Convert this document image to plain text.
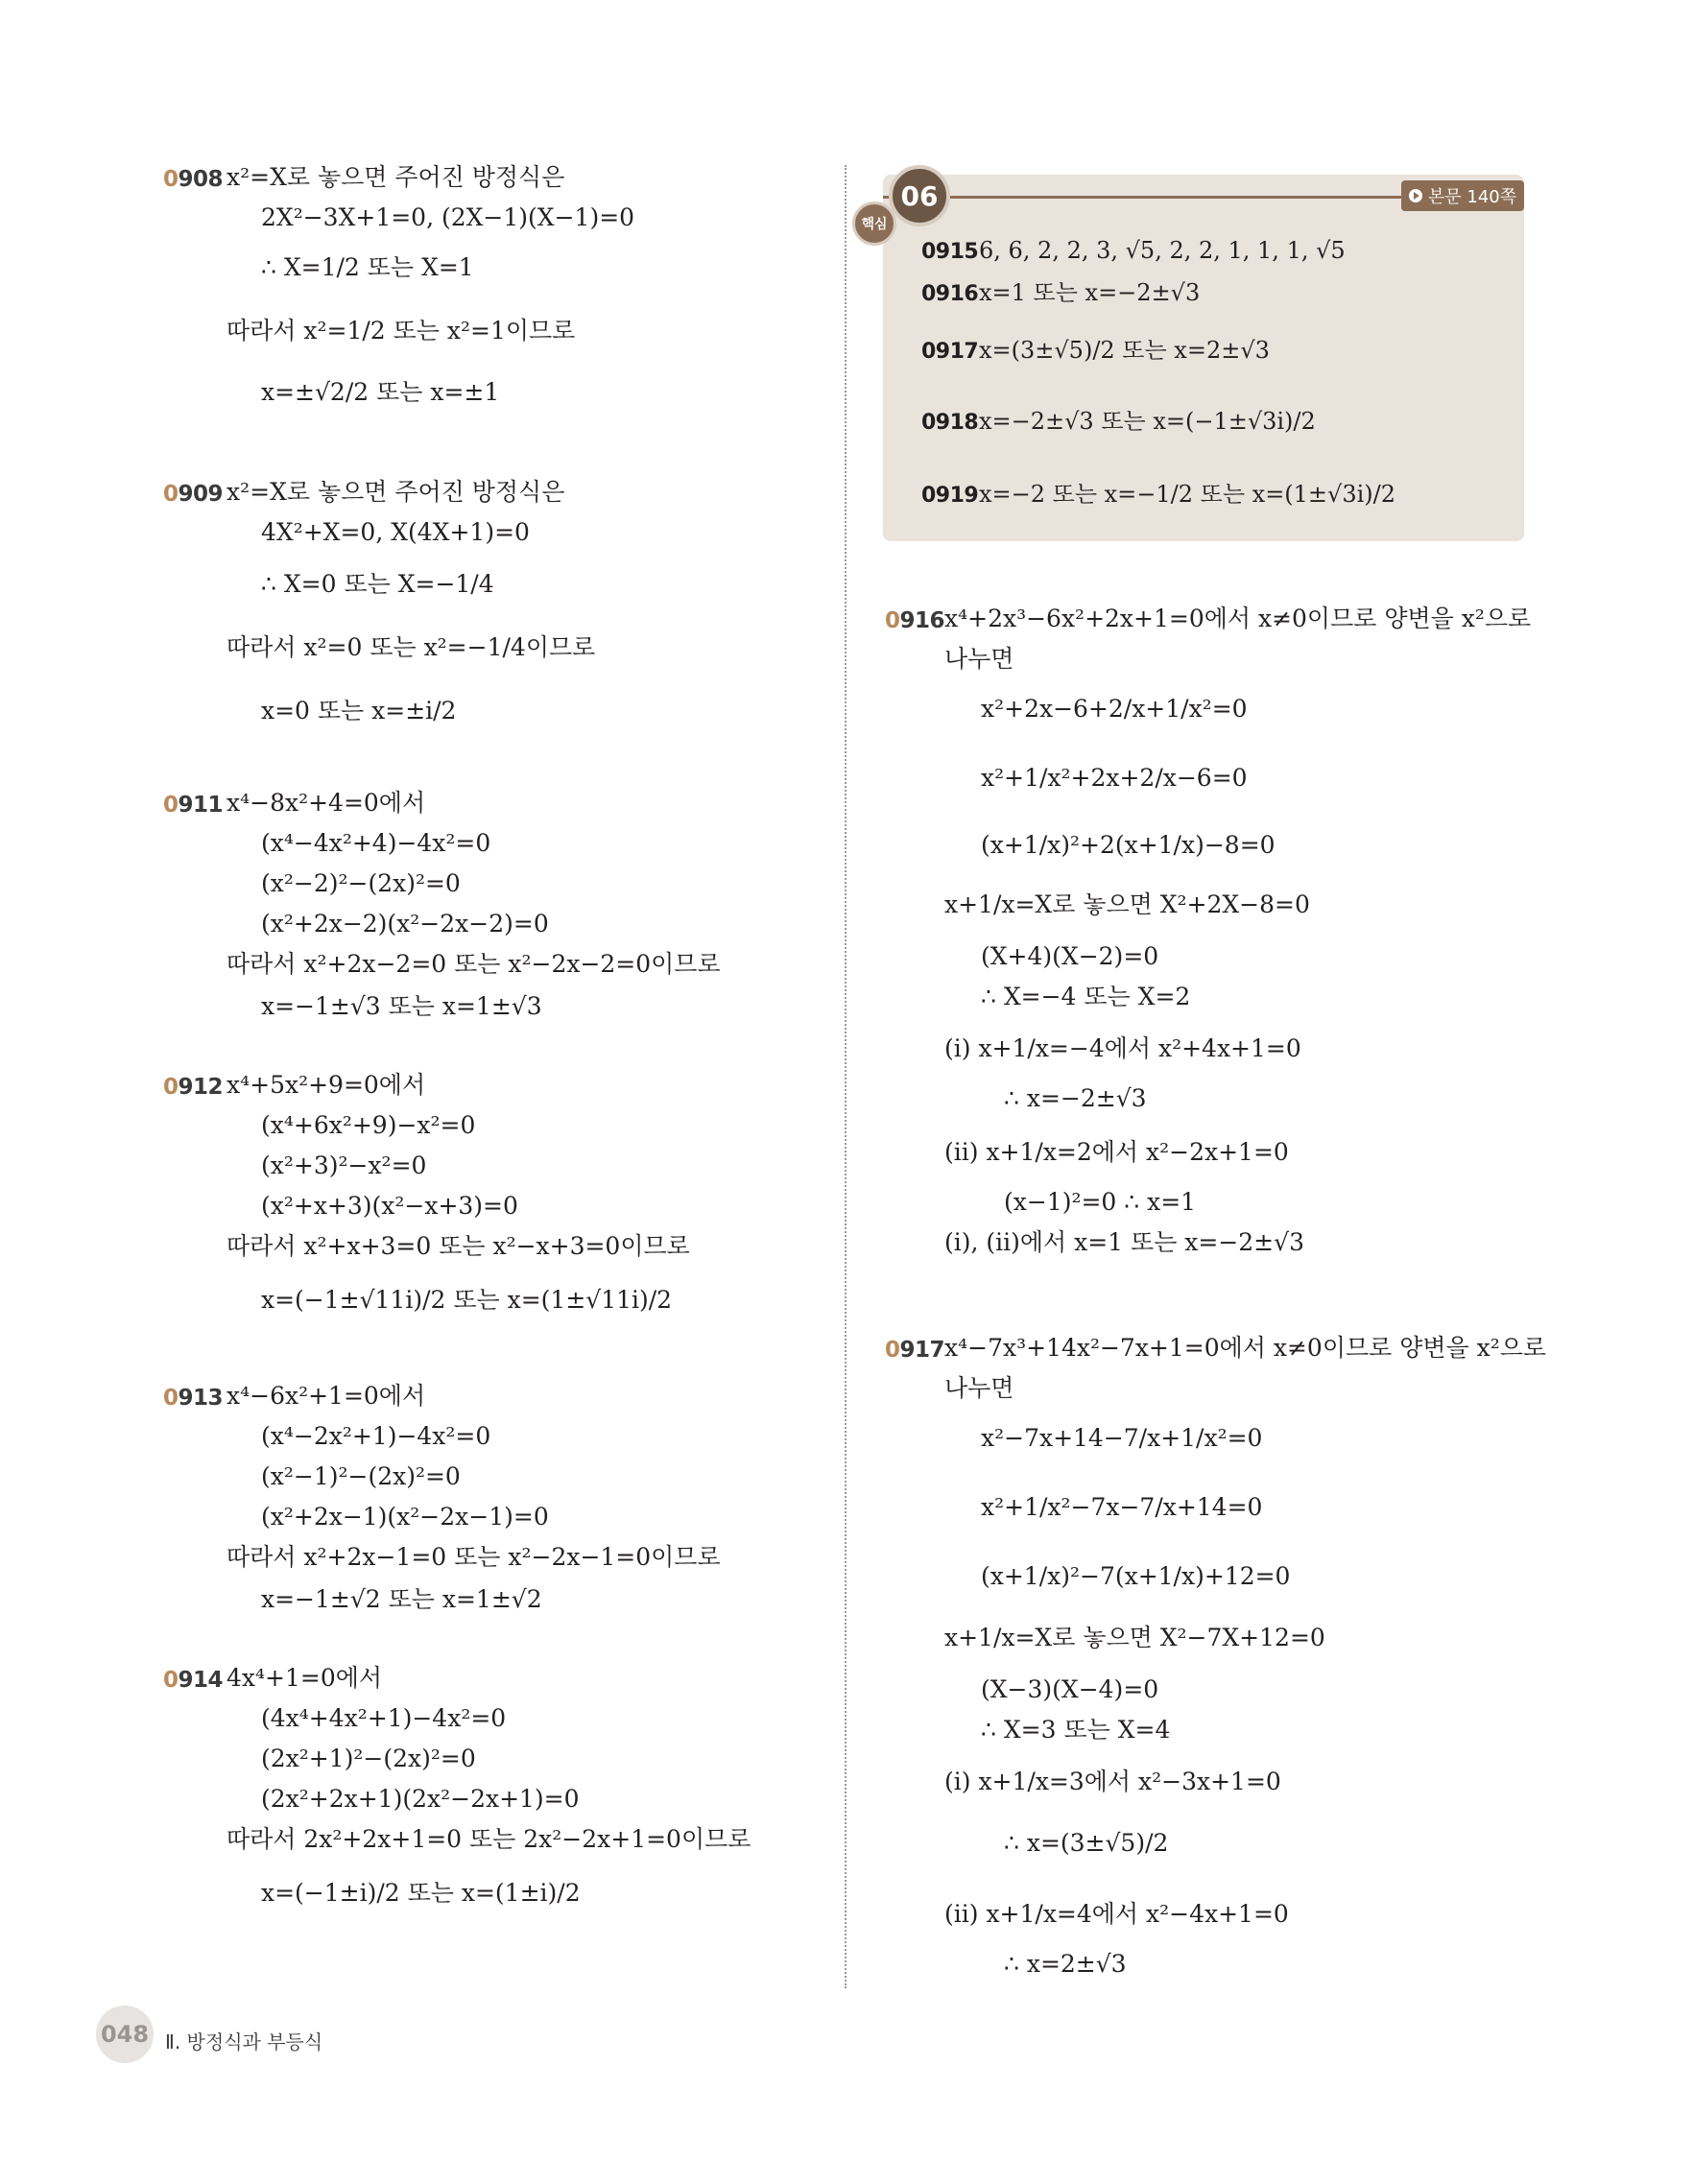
0908 x²=X로 놓으면 주어진 방정식은
2X²−3X+1=0, (2X−1)(X−1)=0
∴ X=1/2 또는 X=1
따라서 x²=1/2 또는 x²=1이므로
x=±√2/2 또는 x=±1
0909 x²=X로 놓으면 주어진 방정식은
4X²+X=0, X(4X+1)=0
∴ X=0 또는 X=−1/4
따라서 x²=0 또는 x²=−1/4이므로
x=0 또는 x=±i/2
0911 x⁴−8x²+4=0에서
(x⁴−4x²+4)−4x²=0
(x²−2)²−(2x)²=0
(x²+2x−2)(x²−2x−2)=0
따라서 x²+2x−2=0 또는 x²−2x−2=0이므로
x=−1±√3 또는 x=1±√3
0912 x⁴+5x²+9=0에서
(x⁴+6x²+9)−x²=0
(x²+3)²−x²=0
(x²+x+3)(x²−x+3)=0
따라서 x²+x+3=0 또는 x²−x+3=0이므로
x=(−1±√11i)/2 또는 x=(1±√11i)/2
0913 x⁴−6x²+1=0에서
(x⁴−2x²+1)−4x²=0
(x²−1)²−(2x)²=0
(x²+2x−1)(x²−2x−1)=0
따라서 x²+2x−1=0 또는 x²−2x−1=0이므로
x=−1±√2 또는 x=1±√2
0914 4x⁴+1=0에서
(4x⁴+4x²+1)−4x²=0
(2x²+1)²−(2x)²=0
(2x²+2x+1)(2x²−2x+1)=0
따라서 2x²+2x+1=0 또는 2x²−2x+1=0이므로
x=(−1±i)/2 또는 x=(1±i)/2
0915 6, 6, 2, 2, 3, √5, 2, 2, 1, 1, 1, √5
0916 x=1 또는 x=−2±√3
0917 x=(3±√5)/2 또는 x=2±√3
0918 x=−2±√3 또는 x=(−1±√3i)/2
0919 x=−2 또는 x=−1/2 또는 x=(1±√3i)/2
06
핵심
본문 140쪽
0916 x⁴+2x³−6x²+2x+1=0에서 x≠0이므로 양변을 x²으로
나누면
x²+2x−6+2/x+1/x²=0
x²+1/x²+2x+2/x−6=0
(x+1/x)²+2(x+1/x)−8=0
x+1/x=X로 놓으면 X²+2X−8=0
(X+4)(X−2)=0
∴ X=−4 또는 X=2
(i) x+1/x=−4에서 x²+4x+1=0
∴ x=−2±√3
(ii) x+1/x=2에서 x²−2x+1=0
(x−1)²=0 ∴ x=1
(i), (ii)에서 x=1 또는 x=−2±√3
0917 x⁴−7x³+14x²−7x+1=0에서 x≠0이므로 양변을 x²으로
나누면
x²−7x+14−7/x+1/x²=0
x²+1/x²−7x−7/x+14=0
(x+1/x)²−7(x+1/x)+12=0
x+1/x=X로 놓으면 X²−7X+12=0
(X−3)(X−4)=0
∴ X=3 또는 X=4
(i) x+1/x=3에서 x²−3x+1=0
∴ x=(3±√5)/2
(ii) x+1/x=4에서 x²−4x+1=0
∴ x=2±√3
048 Ⅱ. 방정식과 부등식
